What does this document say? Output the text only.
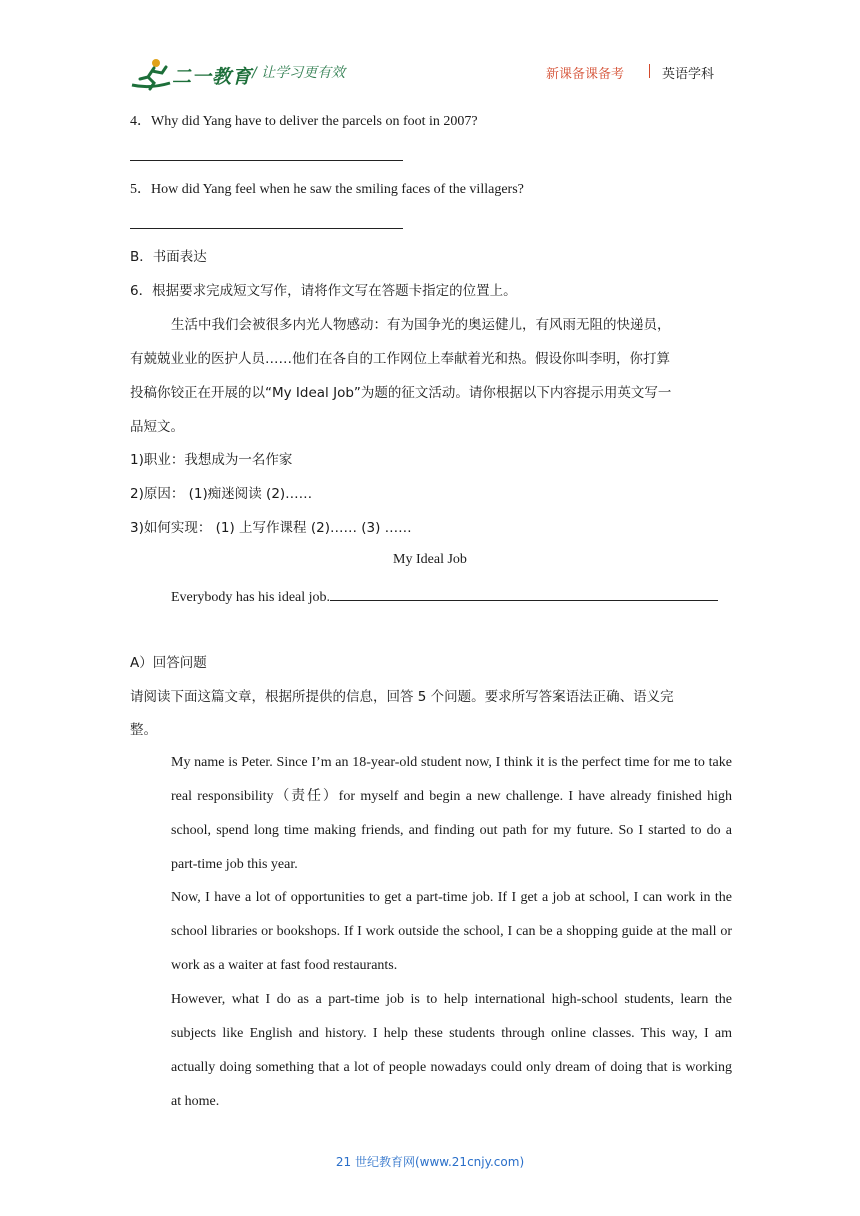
二一教育 / 让学习更有效	新课备课备考	英语学科
4．Why did Yang have to deliver the parcels on foot in 2007?
5．How did Yang feel when he saw the smiling faces of the villagers?
B．书面表达
6．根据要求完成短文写作，请将作文写在答题卡指定的位置上。
生活中我们会被很多内光人物感动：有为国争光的奥运健儿，有风雨无阻的快递员，
有兢兢业业的医护人员……他们在各自的工作网位上奉献着光和热。假设你叫李明，你打算
投稿你铰正在开展的以“My Ideal Job”为题的征文活动。请你根据以下内容提示用英文写一
品短文。
1)职业：我想成为一名作家
2)原因： (1)痴迷阅读 (2)……
3)如何实现： (1) 上写作课程 (2)…… (3) ……
My Ideal Job
Everybody has his ideal job.
A）回答问题
请阅读下面这篇文章，根据所提供的信息，回答 5 个问题。要求所写答案语法正确、语义完
整。
My name is Peter. Since I’m an 18-year-old student now, I think it is the perfect time for me to take real responsibility（责任）for myself and begin a new challenge. I have already finished high school, spend long time making friends, and finding out path for my future. So I started to do a part-time job this year.
Now, I have a lot of opportunities to get a part-time job. If I get a job at school, I can work in the school libraries or bookshops. If I work outside the school, I can be a shopping guide at the mall or work as a waiter at fast food restaurants.
However, what I do as a part-time job is to help international high-school students, learn the subjects like English and history. I help these students through online classes. This way, I am actually doing something that a lot of people nowadays could only dream of doing that is working at home.
21 世纪教育网(www.21cnjy.com)
